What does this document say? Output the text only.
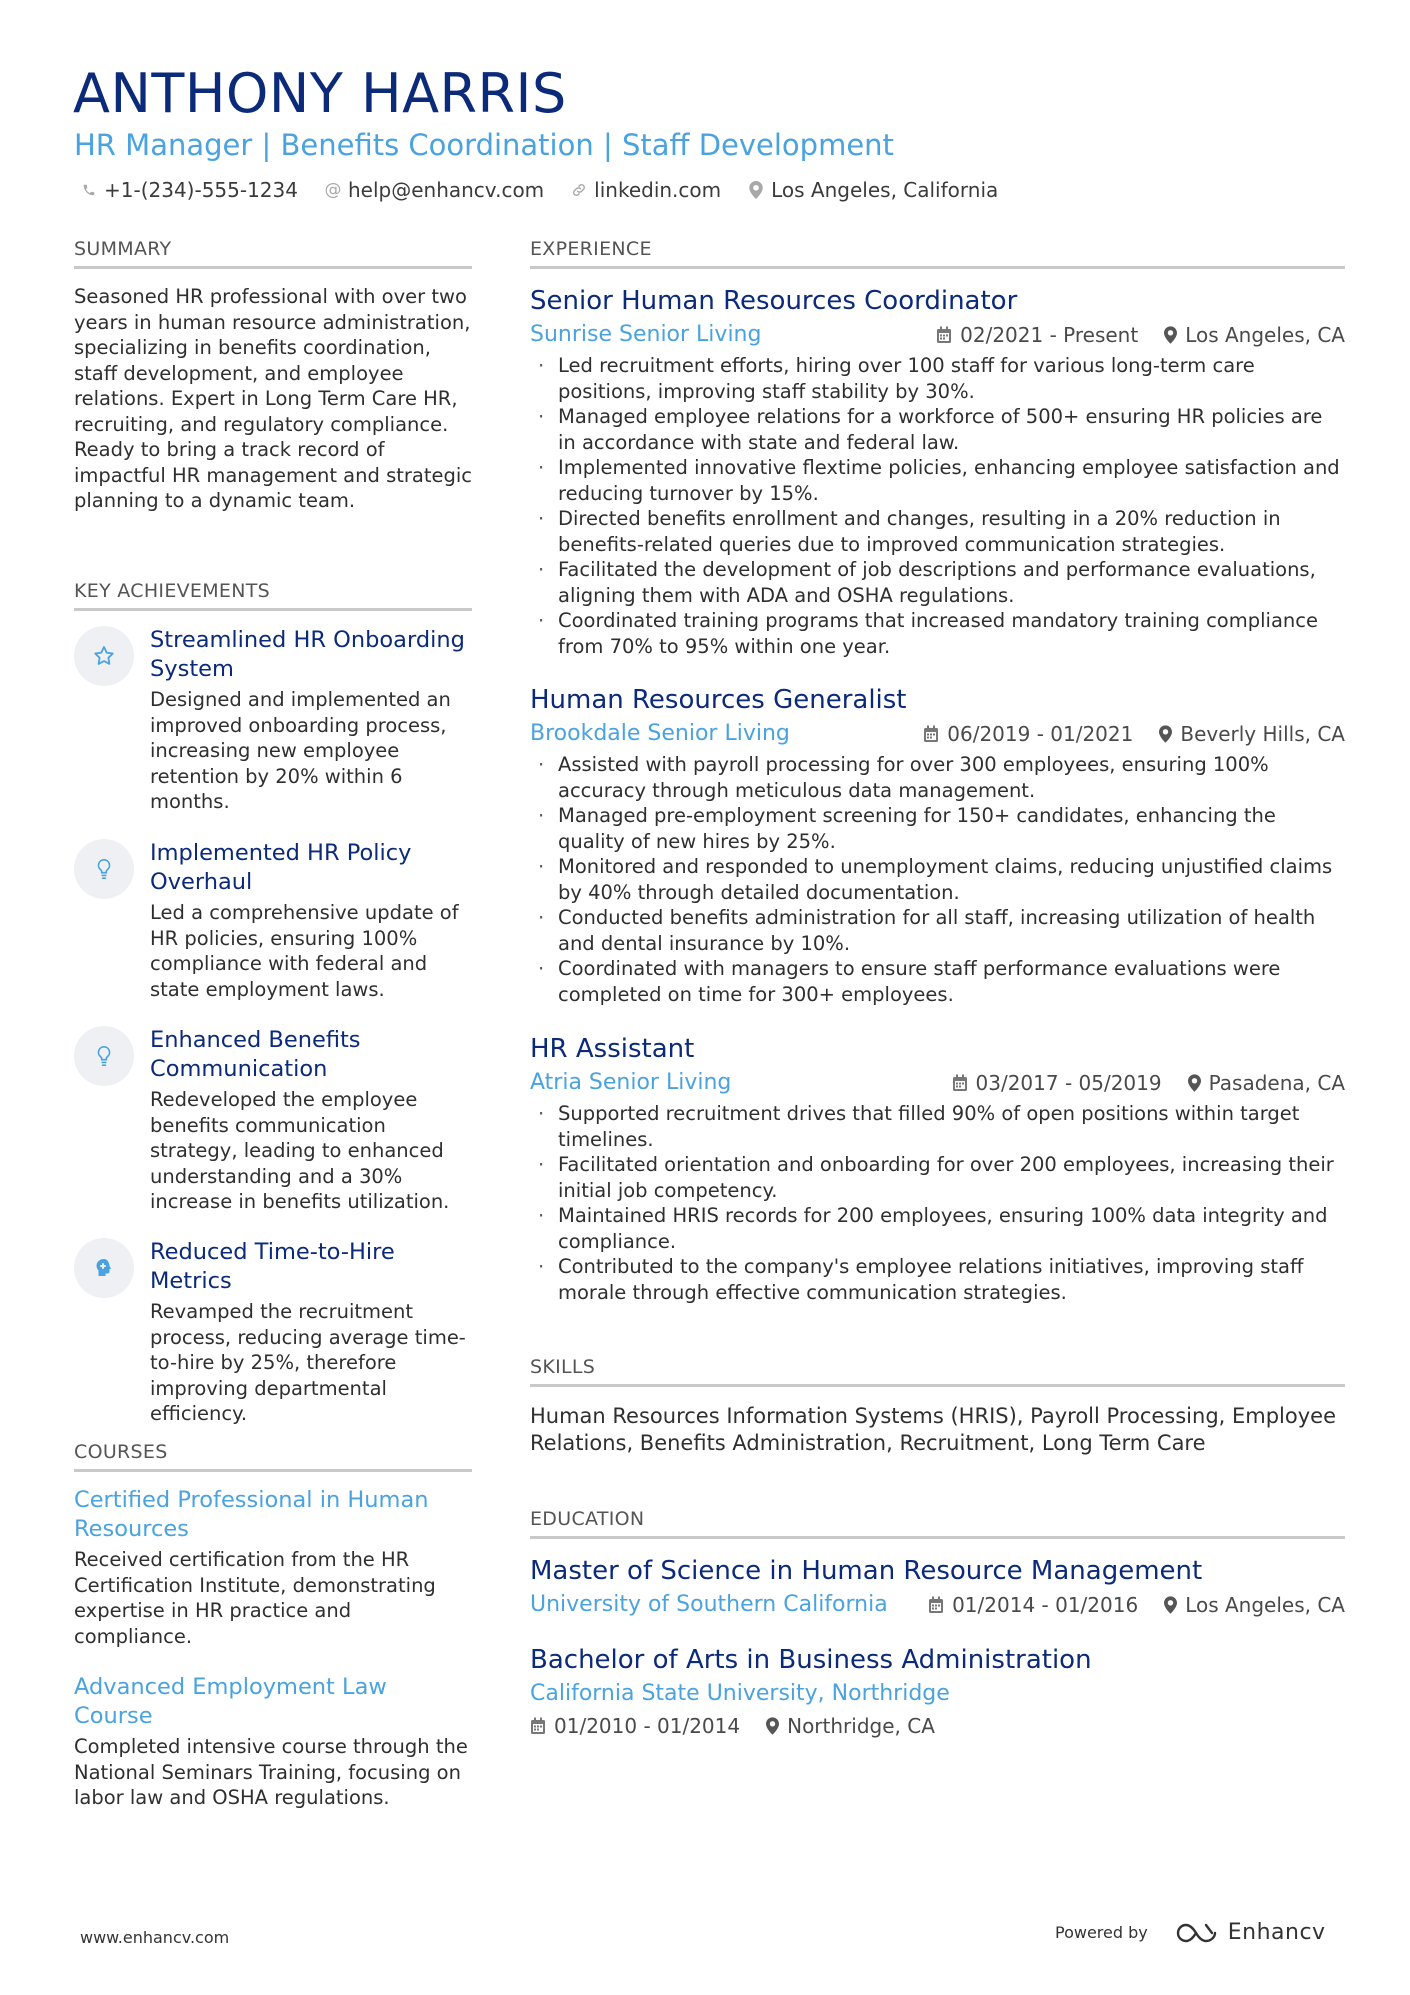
ANTHONY HARRIS
HR Manager | Benefits Coordination | Staff Development
+1-(234)-555-1234 @ help@enhancv.com	linkedin.com	Los Angeles, California
SUMMARY
Seasoned HR professional with over two years in human resource administration, specializing in benefits coordination, staff development, and employee relations. Expert in Long Term Care HR, recruiting, and regulatory compliance. Ready to bring a track record of impactful HR management and strategic planning to a dynamic team.
KEY ACHIEVEMENTS
Streamlined HR Onboarding System
Designed and implemented an improved onboarding process, increasing new employee retention by 20% within 6 months.
Implemented HR Policy Overhaul
Led a comprehensive update of HR policies, ensuring 100% compliance with federal and state employment laws.
Enhanced Benefits Communication
Redeveloped the employee benefits communication strategy, leading to enhanced understanding and a 30% increase in benefits utilization.
Reduced Time-to-Hire Metrics
Revamped the recruitment process, reducing average time-to-hire by 25%, therefore improving departmental efficiency.
COURSES
Certified Professional in Human Resources
Received certification from the HR Certification Institute, demonstrating expertise in HR practice and compliance.
Advanced Employment Law Course
Completed intensive course through the National Seminars Training, focusing on labor law and OSHA regulations.
EXPERIENCE
Senior Human Resources Coordinator
Sunrise Senior Living	02/2021 - Present Los Angeles, CA
· Led recruitment efforts, hiring over 100 staff for various long-term care positions, improving staff stability by 30%.
· Managed employee relations for a workforce of 500+ ensuring HR policies are in accordance with state and federal law.
· Implemented innovative flextime policies, enhancing employee satisfaction and reducing turnover by 15%.
· Directed benefits enrollment and changes, resulting in a 20% reduction in benefits-related queries due to improved communication strategies.
· Facilitated the development of job descriptions and performance evaluations, aligning them with ADA and OSHA regulations.
· Coordinated training programs that increased mandatory training compliance from 70% to 95% within one year.
Human Resources Generalist
Brookdale Senior Living	06/2019 - 01/2021 Beverly Hills, CA
· Assisted with payroll processing for over 300 employees, ensuring 100% accuracy through meticulous data management.
· Managed pre-employment screening for 150+ candidates, enhancing the quality of new hires by 25%.
· Monitored and responded to unemployment claims, reducing unjustified claims by 40% through detailed documentation.
· Conducted benefits administration for all staff, increasing utilization of health and dental insurance by 10%.
· Coordinated with managers to ensure staff performance evaluations were completed on time for 300+ employees.
HR Assistant
Atria Senior Living	03/2017 - 05/2019 Pasadena, CA
· Supported recruitment drives that filled 90% of open positions within target timelines.
· Facilitated orientation and onboarding for over 200 employees, increasing their initial job competency.
· Maintained HRIS records for 200 employees, ensuring 100% data integrity and compliance.
· Contributed to the company's employee relations initiatives, improving staff morale through effective communication strategies.
SKILLS
Human Resources Information Systems (HRIS), Payroll Processing, Employee Relations, Benefits Administration, Recruitment, Long Term Care
EDUCATION
Master of Science in Human Resource Management
University of Southern California	01/2014 - 01/2016 Los Angeles, CA
Bachelor of Arts in Business Administration
California State University, Northridge
01/2010 - 01/2014 Northridge, CA
www.enhancv.com	Powered by	Enhancv
